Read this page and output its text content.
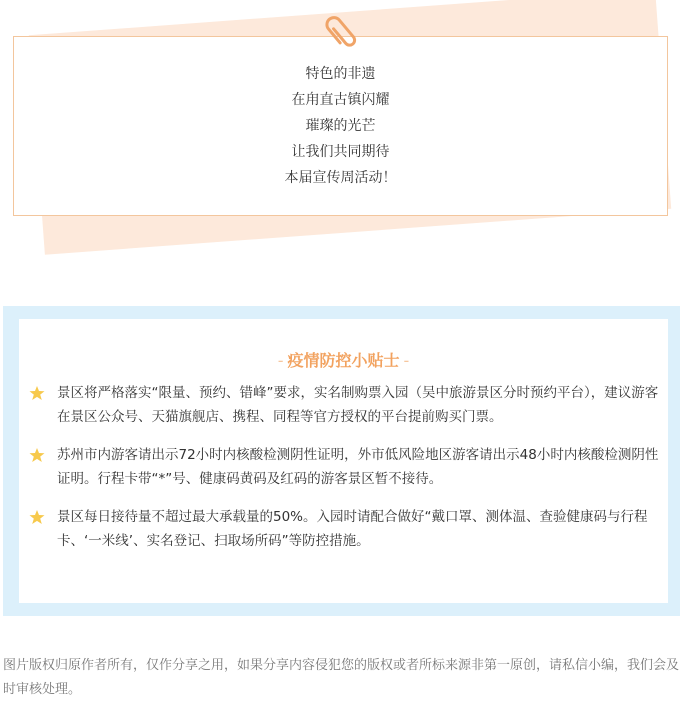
特色的非遗
在甪直古镇闪耀
璀璨的光芒
让我们共同期待
本届宣传周活动！
- 疫情防控小贴士 -
景区将严格落实“限量、预约、错峰”要求，实名制购票入园（吴中旅游景区分时预约平台），建议游客在景区公众号、天猫旗舰店、携程、同程等官方授权的平台提前购买门票。
苏州市内游客请出示72小时内核酸检测阴性证明，外市低风险地区游客请出示48小时内核酸检测阴性证明。行程卡带“*”号、健康码黄码及红码的游客景区暂不接待。
景区每日接待量不超过最大承载量的50%。入园时请配合做好“戴口罩、测体温、查验健康码与行程卡、‘一米线’、实名登记、扫取场所码”等防控措施。
图片版权归原作者所有，仅作分享之用，如果分享内容侵犯您的版权或者所标来源非第一原创，请私信小编，我们会及时审核处理。
